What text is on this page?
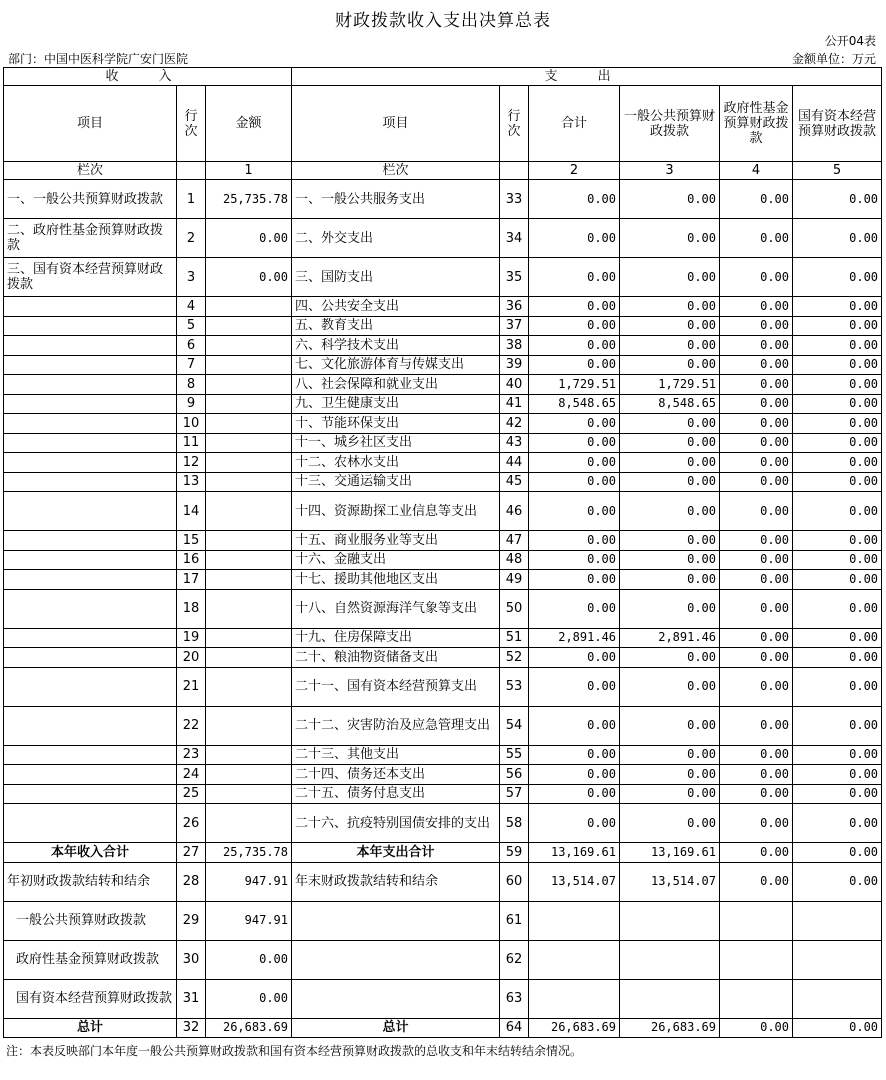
财政拨款收入支出决算总表
公开04表
部门：中国中医科学院广安门医院	金额单位：万元
收 入			支 出					
项目	行次	金额	项目	行次	合计	一般公共预算财政拨款	政府性基金预算财政拨款	国有资本经营预算财政拨款
栏次		1	栏次		2	3	4	5
一、一般公共预算财政拨款	1	25,735.78	一、一般公共服务支出	33	0.00	0.00	0.00	0.00
二、政府性基金预算财政拨款	2	0.00	二、外交支出	34	0.00	0.00	0.00	0.00
三、国有资本经营预算财政拨款	3	0.00	三、国防支出	35	0.00	0.00	0.00	0.00
	4		四、公共安全支出	36	0.00	0.00	0.00	0.00
	5		五、教育支出	37	0.00	0.00	0.00	0.00
	6		六、科学技术支出	38	0.00	0.00	0.00	0.00
	7		七、文化旅游体育与传媒支出	39	0.00	0.00	0.00	0.00
	8		八、社会保障和就业支出	40	1,729.51	1,729.51	0.00	0.00
	9		九、卫生健康支出	41	8,548.65	8,548.65	0.00	0.00
	10		十、节能环保支出	42	0.00	0.00	0.00	0.00
	11		十一、城乡社区支出	43	0.00	0.00	0.00	0.00
	12		十二、农林水支出	44	0.00	0.00	0.00	0.00
	13		十三、交通运输支出	45	0.00	0.00	0.00	0.00
	14		十四、资源勘探工业信息等支出	46	0.00	0.00	0.00	0.00
	15		十五、商业服务业等支出	47	0.00	0.00	0.00	0.00
	16		十六、金融支出	48	0.00	0.00	0.00	0.00
	17		十七、援助其他地区支出	49	0.00	0.00	0.00	0.00
	18		十八、自然资源海洋气象等支出	50	0.00	0.00	0.00	0.00
	19		十九、住房保障支出	51	2,891.46	2,891.46	0.00	0.00
	20		二十、粮油物资储备支出	52	0.00	0.00	0.00	0.00
	21		二十一、国有资本经营预算支出	53	0.00	0.00	0.00	0.00
	22		二十二、灾害防治及应急管理支出	54	0.00	0.00	0.00	0.00
	23		二十三、其他支出	55	0.00	0.00	0.00	0.00
	24		二十四、债务还本支出	56	0.00	0.00	0.00	0.00
	25		二十五、债务付息支出	57	0.00	0.00	0.00	0.00
	26		二十六、抗疫特别国债安排的支出	58	0.00	0.00	0.00	0.00
本年收入合计	27	25,735.78	本年支出合计	59	13,169.61	13,169.61	0.00	0.00
年初财政拨款结转和结余	28	947.91	年末财政拨款结转和结余	60	13,514.07	13,514.07	0.00	0.00
一般公共预算财政拨款	29	947.91		61				
政府性基金预算财政拨款	30	0.00		62				
国有资本经营预算财政拨款	31	0.00		63				
总计	32	26,683.69	总计	64	26,683.69	26,683.69	0.00	0.00
注：本表反映部门本年度一般公共预算财政拨款和国有资本经营预算财政拨款的总收支和年末结转结余情况。
